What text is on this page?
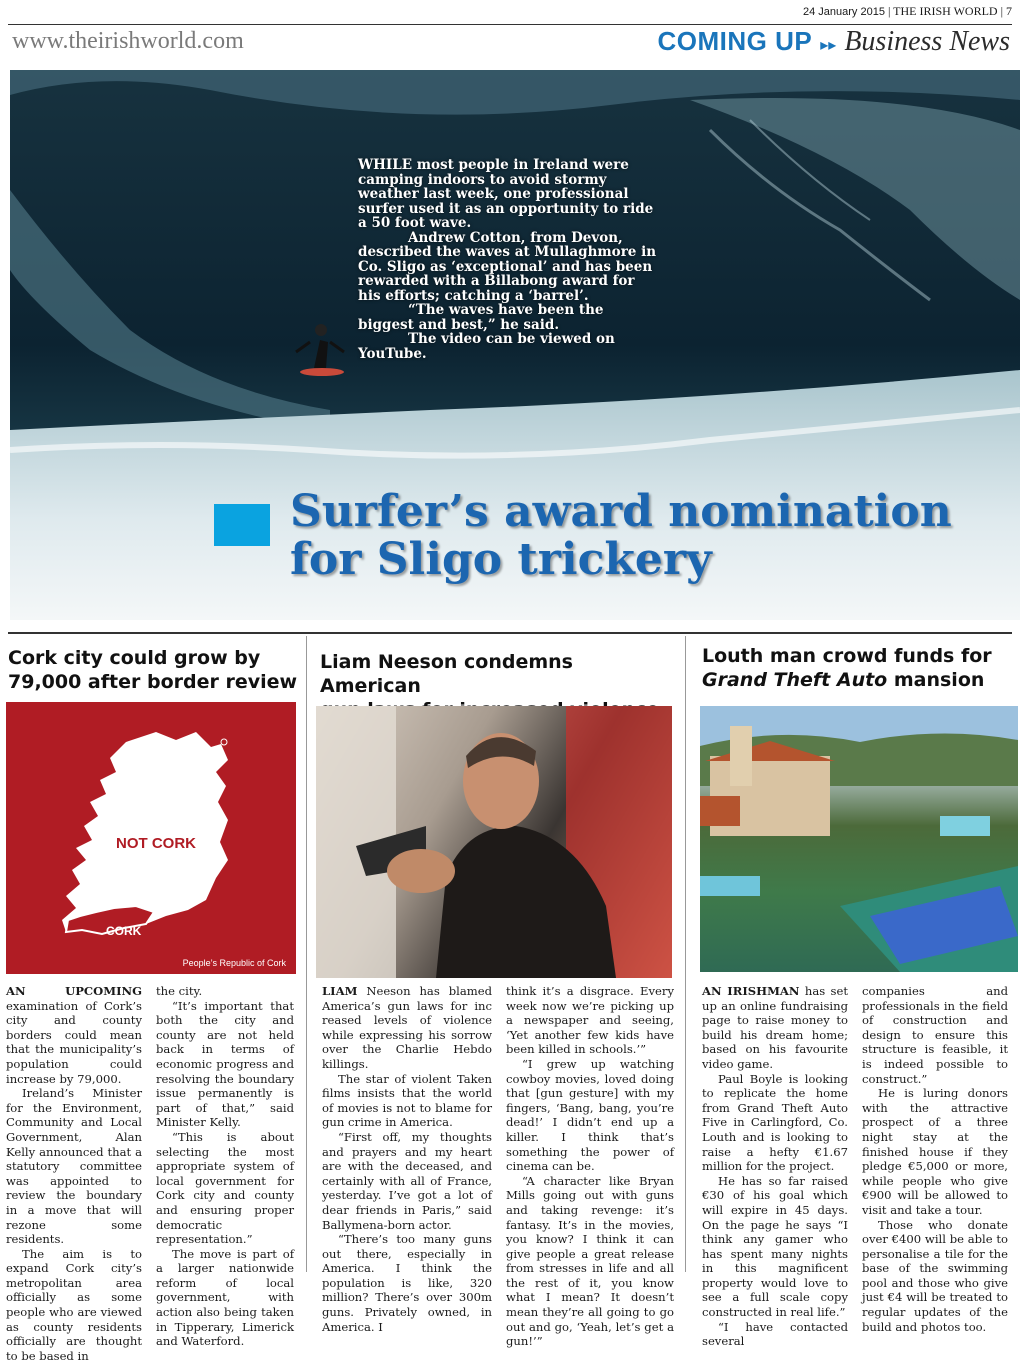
24 January 2015 | THE IRISH WORLD | 7
www.theirishworld.com	COMING UP ▸▸ Business News

WHILE most people in Ireland were camping indoors to avoid stormy weather last week, one professional surfer used it as an opportunity to ride a 50 foot wave.

Andrew Cotton, from Devon, described the waves at Mullaghmore in Co. Sligo as ‘exceptional’ and has been rewarded with a Billabong award for his efforts; catching a ‘barrel’.

“The waves have been the biggest and best,” he said.

The video can be viewed on YouTube.

Surfer’s award nomination
for Sligo trickery
Cork city could grow by
79,000 after border review
NOT CORK
CORK
People’s Republic of Cork

AN UPCOMING examination of Cork’s city and county borders could mean that the municipality’s population could increase by 79,000.

Ireland’s Minister for the Environment, Community and Local Government, Alan Kelly announced that a statutory committee was appointed to review the boundary in a move that will rezone some residents.

The aim is to expand Cork city’s metropolitan area officially as some people who are viewed as county residents officially are thought to be based in

the city.

“It’s important that both the city and county are not held back in terms of economic progress and resolving the boundary issue permanently is part of that,” said Minister Kelly.

“This is about selecting the most appropriate system of local government for Cork city and county and ensuring proper democratic representation.”

The move is part of a larger nationwide reform of local government, with action also being taken in Tipperary, Limerick and Waterford.

Liam Neeson condemns American

LIAM Neeson has blamed America’s gun laws for inc reased levels of violence while expressing his sorrow over the Charlie Hebdo killings.

The star of violent Taken films insists that the world of movies is not to blame for gun crime in America.

“First off, my thoughts and prayers and my heart are with the deceased, and certainly with all of France, yesterday. I’ve got a lot of dear friends in Paris,” said Ballymena-born actor.

“There’s too many guns out there, especially in America. I think the population is like, 320 million? There’s over 300m guns. Privately owned, in America. I

think it’s a disgrace. Every week now we’re picking up a newspaper and seeing, ‘Yet another few kids have been killed in schools.’”

“I grew up watching cowboy movies, loved doing that [gun gesture] with my fingers, ‘Bang, bang, you’re dead!’ I didn’t end up a killer. I think that’s something the power of cinema can be.

“A character like Bryan Mills going out with guns and taking revenge: it’s fantasy. It’s in the movies, you know? I think it can give people a great release from stresses in life and all the rest of it, you know what I mean? It doesn’t mean they’re all going to go out and go, ‘Yeah, let’s get a gun!’”

Louth man crowd funds for
Grand Theft Auto mansion

AN IRISHMAN has set up an online fundraising page to raise money to build his dream home; based on his favourite video game.

Paul Boyle is looking to replicate the home from Grand Theft Auto Five in Carlingford, Co. Louth and is looking to raise a hefty €1.67 million for the project.

He has so far raised €30 of his goal which will expire in 45 days. On the page he says “I think any gamer who has spent many nights in this magnificent property would love to see a full scale copy constructed in real life.”

“I have contacted several

companies and professionals in the field of construction and design to ensure this structure is feasible, it is indeed possible to construct.”

He is luring donors with the attractive prospect of a three night stay at the finished house if they pledge €5,000 or more, while people who give €900 will be allowed to visit and take a tour.

Those who donate over €400 will be able to personalise a tile for the base of the swimming pool and those who give just €4 will be treated to regular updates of the build and photos too.
